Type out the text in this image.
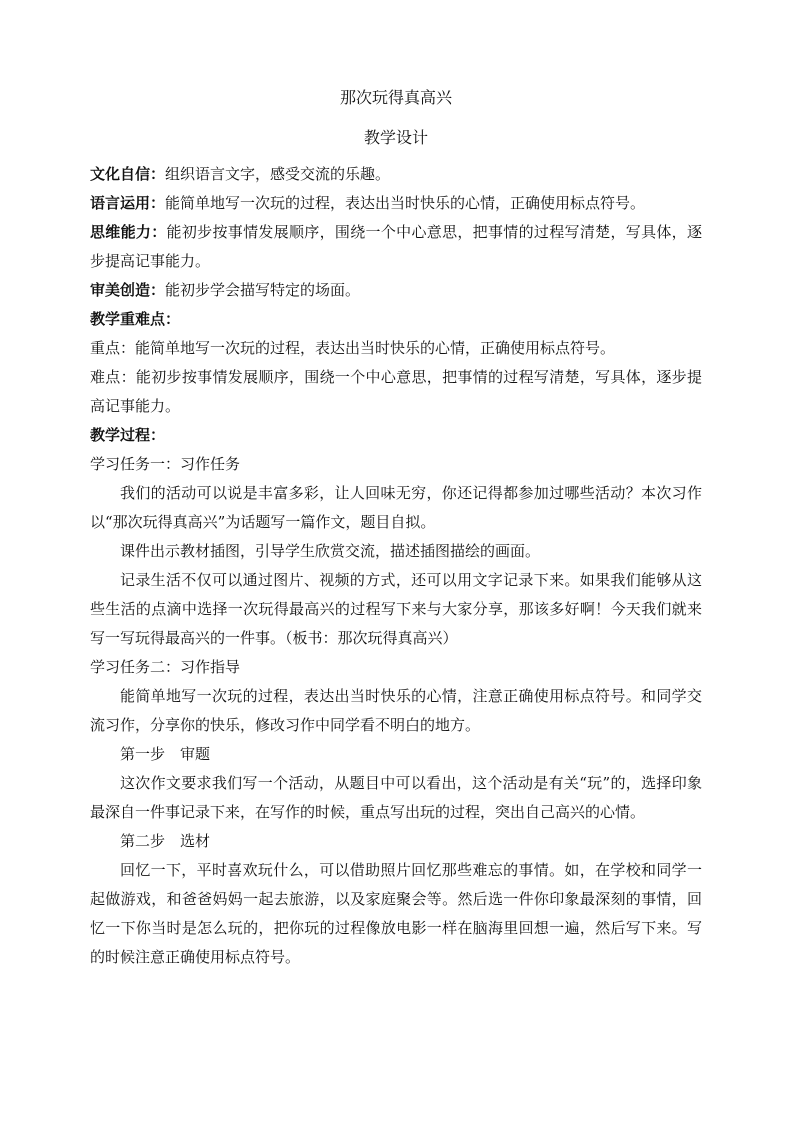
那次玩得真高兴
教学设计

文化自信：组织语言文字，感受交流的乐趣。

语言运用：能简单地写一次玩的过程，表达出当时快乐的心情，正确使用标点符号。

思维能力：能初步按事情发展顺序，围绕一个中心意思，把事情的过程写清楚，写具体，逐步提高记事能力。

审美创造：能初步学会描写特定的场面。

教学重难点：

重点：能简单地写一次玩的过程，表达出当时快乐的心情，正确使用标点符号。

难点：能初步按事情发展顺序，围绕一个中心意思，把事情的过程写清楚，写具体，逐步提高记事能力。

教学过程：

学习任务一：习作任务

我们的活动可以说是丰富多彩，让人回味无穷，你还记得都参加过哪些活动？本次习作以“那次玩得真高兴”为话题写一篇作文，题目自拟。

课件出示教材插图，引导学生欣赏交流，描述插图描绘的画面。

记录生活不仅可以通过图片、视频的方式，还可以用文字记录下来。如果我们能够从这些生活的点滴中选择一次玩得最高兴的过程写下来与大家分享，那该多好啊！今天我们就来写一写玩得最高兴的一件事。（板书：那次玩得真高兴）

学习任务二：习作指导

能简单地写一次玩的过程，表达出当时快乐的心情，注意正确使用标点符号。和同学交流习作，分享你的快乐，修改习作中同学看不明白的地方。

第一步　审题

这次作文要求我们写一个活动，从题目中可以看出，这个活动是有关“玩”的，选择印象最深自一件事记录下来，在写作的时候，重点写出玩的过程，突出自己高兴的心情。

第二步　选材

回忆一下，平时喜欢玩什么，可以借助照片回忆那些难忘的事情。如，在学校和同学一起做游戏，和爸爸妈妈一起去旅游，以及家庭聚会等。然后选一件你印象最深刻的事情，回忆一下你当时是怎么玩的，把你玩的过程像放电影一样在脑海里回想一遍，然后写下来。写的时候注意正确使用标点符号。
